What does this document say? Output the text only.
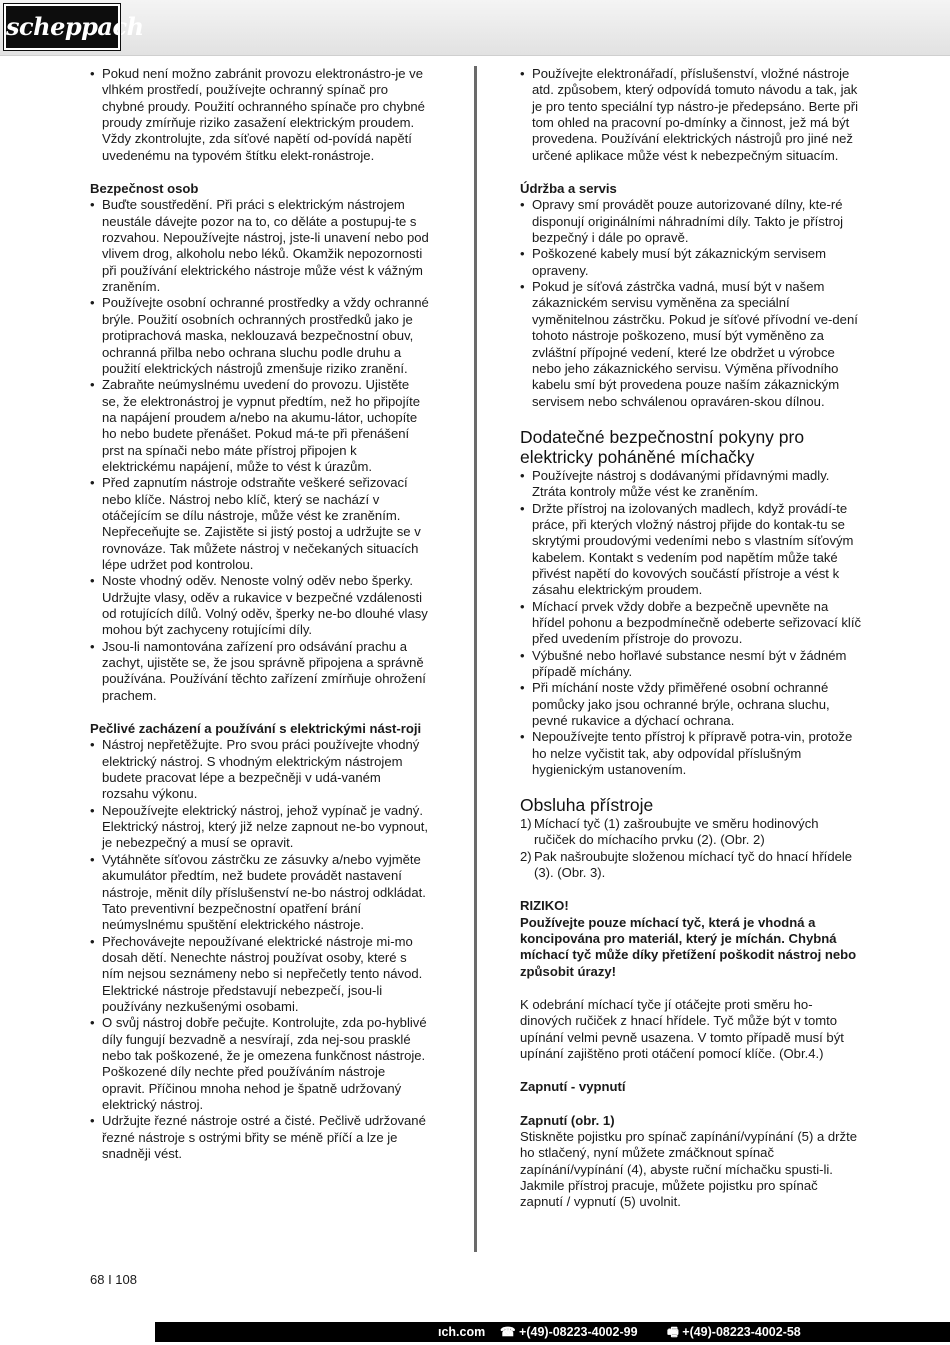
scheppach
• Pokud není možno zabránit provozu elektronástro-je ve vlhkém prostředí, používejte ochranný spínač pro chybné proudy. Použití ochranného spínače pro chybné proudy zmírňuje riziko zasažení elektrickým proudem. Vždy zkontrolujte, zda síťové napětí od-povídá napětí uvedenému na typovém štítku elekt-ronástroje.
Bezpečnost osob
• Buďte soustředění. Při práci s elektrickým nástrojem neustále dávejte pozor na to, co děláte a postupuj-te s rozvahou. Nepoužívejte nástroj, jste-li unavení nebo pod vlivem drog, alkoholu nebo léků. Okamžik nepozornosti při používání elektrického nástroje může vést k vážným zraněním.
• Používejte osobní ochranné prostředky a vždy ochranné brýle. Použití osobních ochranných prostředků jako je protiprachová maska, neklouzavá bezpečnostní obuv, ochranná přilba nebo ochrana sluchu podle druhu a použití elektrických nástrojů zmenšuje riziko zranění.
• Zabraňte neúmyslnému uvedení do provozu. Ujistěte se, že elektronástroj je vypnut předtím, než ho připojíte na napájení proudem a/nebo na akumu-látor, uchopíte ho nebo budete přenášet. Pokud má-te při přenášení prst na spínači nebo máte přístroj připojen k elektrickému napájení, může to vést k úrazům.
• Před zapnutím nástroje odstraňte veškeré seřizovací nebo klíče. Nástroj nebo klíč, který se nachází v otáčejícím se dílu nástroje, může vést ke zraněním. Nepřeceňujte se. Zajistěte si jistý postoj a udržujte se v rovnováze. Tak můžete nástroj v nečekaných situacích lépe udržet pod kontrolou.
• Noste vhodný oděv. Nenoste volný oděv nebo šperky. Udržujte vlasy, oděv a rukavice v bezpečné vzdálenosti od rotujících dílů. Volný oděv, šperky ne-bo dlouhé vlasy mohou být zachyceny rotujícími díly.
• Jsou-li namontována zařízení pro odsávání prachu a zachyt, ujistěte se, že jsou správně připojena a správně používána. Používání těchto zařízení zmírňuje ohrožení prachem.
Pečlivé zacházení a používání s elektrickými nást-roji
• Nástroj nepřetěžujte. Pro svou práci používejte vhodný elektrický nástroj. S vhodným elektrickým nástrojem budete pracovat lépe a bezpečněji v udá-vaném rozsahu výkonu.
• Nepoužívejte elektrický nástroj, jehož vypínač je vadný. Elektrický nástroj, který již nelze zapnout ne-bo vypnout, je nebezpečný a musí se opravit.
• Vytáhněte síťovou zástrčku ze zásuvky a/nebo vyjměte akumulátor předtím, než budete provádět nastavení nástroje, měnit díly příslušenství ne-bo nástroj odkládat. Tato preventivní bezpečnostní opatření brání neúmyslnému spuštění elektrického nástroje.
• Přechovávejte nepoužívané elektrické nástroje mi-mo dosah dětí. Nenechte nástroj používat osoby, které s ním nejsou seznámeny nebo si nepřečetly tento návod. Elektrické nástroje představují nebezpečí, jsou-li používány nezkušenými osobami.
• O svůj nástroj dobře pečujte. Kontrolujte, zda po-hyblivé díly fungují bezvadně a nesvírají, zda nej-sou prasklé nebo tak poškozené, že je omezena funkčnost nástroje. Poškozené díly nechte před používáním nástroje opravit. Příčinou mnoha nehod je špatně udržovaný elektrický nástroj.
• Udržujte řezné nástroje ostré a čisté. Pečlivě udržované řezné nástroje s ostrými břity se méně příčí a lze je snadněji vést.
• Používejte elektronářadí, příslušenství, vložné nástroje atd. způsobem, který odpovídá tomuto návodu a tak, jak je pro tento speciální typ nástro-je předepsáno. Berte při tom ohled na pracovní po-dmínky a činnost, jež má být provedena. Používání elektrických nástrojů pro jiné než určené aplikace může vést k nebezpečným situacím.
Údržba a servis
• Opravy smí provádět pouze autorizované dílny, kte-ré disponují originálními náhradními díly. Takto je přístroj bezpečný i dále po opravě.
• Poškozené kabely musí být zákaznickým servisem opraveny.
• Pokud je síťová zástrčka vadná, musí být v našem zákaznickém servisu vyměněna za speciální vyměnitelnou zástrčku. Pokud je síťové přívodní ve-dení tohoto nástroje poškozeno, musí být vyměněno za zvláštní přípojné vedení, které lze obdržet u výrobce nebo jeho zákaznického servisu. Výměna přívodního kabelu smí být provedena pouze naším zákaznickým servisem nebo schválenou opraváren-skou dílnou.
Dodatečné bezpečnostní pokyny pro elektricky poháněné míchačky
• Používejte nástroj s dodávanými přídavnými madly. Ztráta kontroly může vést ke zraněním.
• Držte přístroj na izolovaných madlech, když provádí-te práce, při kterých vložný nástroj přijde do kontak-tu se skrytými proudovými vedeními nebo s vlastním síťovým kabelem. Kontakt s vedením pod napětím může také přivést napětí do kovových součástí přístroje a vést k zásahu elektrickým proudem.
• Míchací prvek vždy dobře a bezpečně upevněte na hřídel pohonu a bezpodmínečně odeberte seřizovací klíč před uvedením přístroje do provozu.
• Výbušné nebo hořlavé substance nesmí být v žádném případě míchány.
• Při míchání noste vždy přiměřené osobní ochranné pomůcky jako jsou ochranné brýle, ochrana sluchu, pevné rukavice a dýchací ochrana.
• Nepoužívejte tento přístroj k přípravě potra-vin, protože ho nelze vyčistit tak, aby odpovídal příslušným hygienickým ustanovením.
Obsluha přístroje
1) Míchací tyč (1) zašroubujte ve směru hodinových ručiček do míchacího prvku (2). (Obr. 2)
2) Pak našroubujte složenou míchací tyč do hnací hřídele (3). (Obr. 3).
RIZIKO!
Používejte pouze míchací tyč, která je vhodná a koncipována pro materiál, který je míchán. Chybná míchací tyč může díky přetížení poškodit nástroj nebo způsobit úrazy!
K odebrání míchací tyče jí otáčejte proti směru ho-dinových ručiček z hnací hřídele. Tyč může být v tomto upínání velmi pevně usazena. V tomto případě musí být upínání zajištěno proti otáčení pomocí klíče. (Obr.4.)
Zapnutí - vypnutí
Zapnutí (obr. 1)
Stiskněte pojistku pro spínač zapínání/vypínání (5) a držte ho stlačený, nyní můžete zmáčknout spínač zapínání/vypínání (4), abyste ruční míchačku spusti-li. Jakmile přístroj pracuje, můžete pojistku pro spínač zapnutí / vypnutí (5) uvolnit.
68 I 108
ıch.com ☎ +(49)-08223-4002-99 🖷 +(49)-08223-4002-58
